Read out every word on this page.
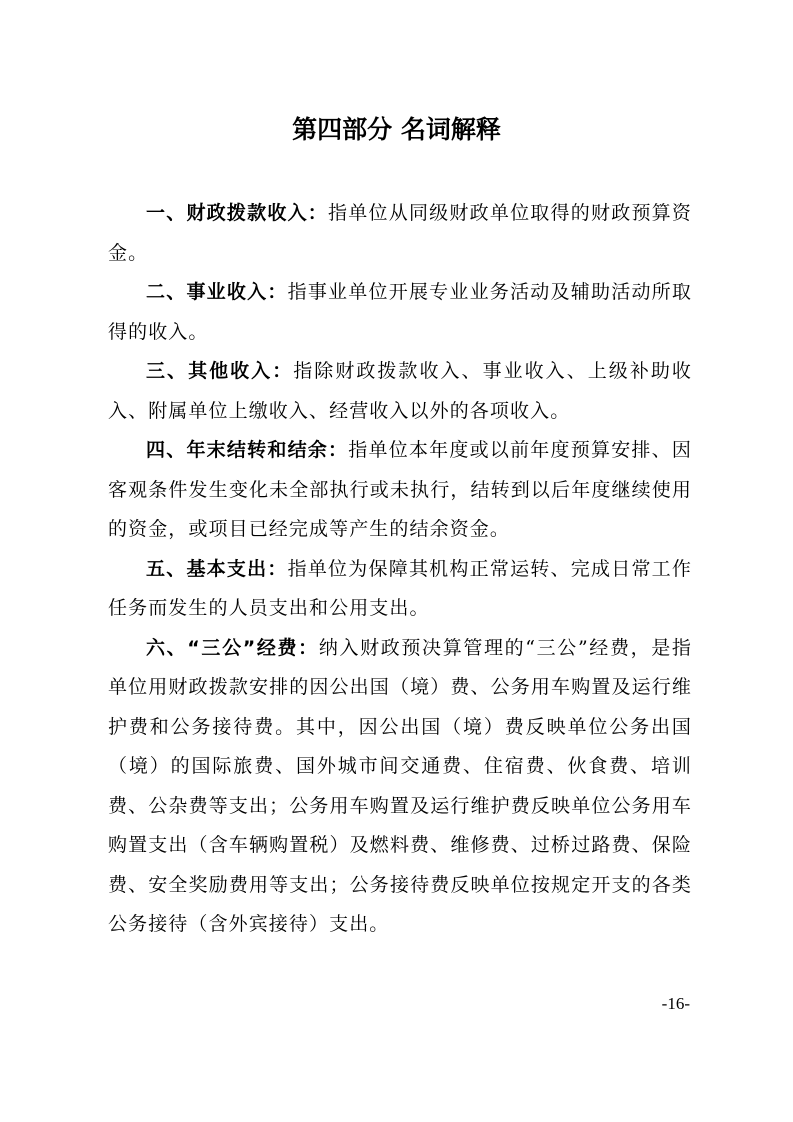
第四部分 名词解释

一、财政拨款收入：指单位从同级财政单位取得的财政预算资金。

二、事业收入：指事业单位开展专业业务活动及辅助活动所取得的收入。

三、其他收入：指除财政拨款收入、事业收入、上级补助收入、附属单位上缴收入、经营收入以外的各项收入。

四、年末结转和结余：指单位本年度或以前年度预算安排、因客观条件发生变化未全部执行或未执行，结转到以后年度继续使用的资金，或项目已经完成等产生的结余资金。

五、基本支出：指单位为保障其机构正常运转、完成日常工作任务而发生的人员支出和公用支出。

六、“三公”经费：纳入财政预决算管理的“三公”经费，是指单位用财政拨款安排的因公出国（境）费、公务用车购置及运行维护费和公务接待费。其中，因公出国（境）费反映单位公务出国（境）的国际旅费、国外城市间交通费、住宿费、伙食费、培训费、公杂费等支出；公务用车购置及运行维护费反映单位公务用车购置支出（含车辆购置税）及燃料费、维修费、过桥过路费、保险费、安全奖励费用等支出；公务接待费反映单位按规定开支的各类公务接待（含外宾接待）支出。

-16-
